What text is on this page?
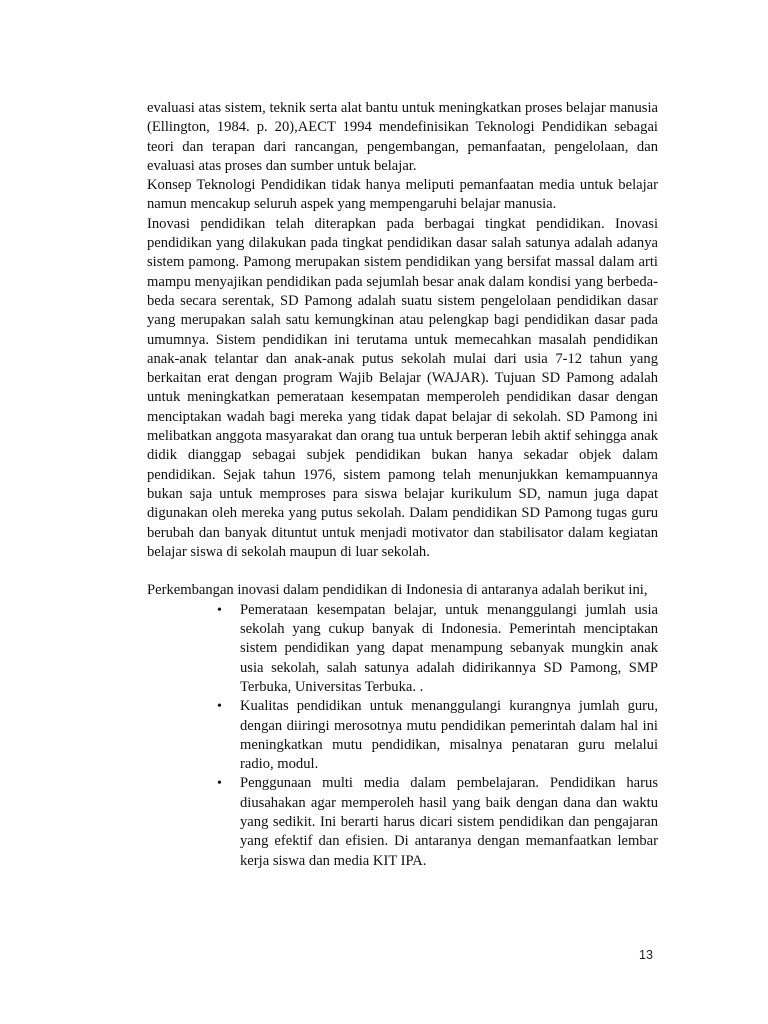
evaluasi atas sistem, teknik serta alat bantu untuk meningkatkan proses belajar manusia (Ellington, 1984. p. 20),AECT 1994 mendefinisikan Teknologi Pendidikan sebagai teori dan terapan dari rancangan, pengembangan, pemanfaatan, pengelolaan, dan evaluasi atas proses dan sumber untuk belajar.

Konsep Teknologi Pendidikan tidak hanya meliputi pemanfaatan media untuk belajar namun mencakup seluruh aspek yang mempengaruhi belajar manusia.

Inovasi pendidikan telah diterapkan pada berbagai tingkat pendidikan. Inovasi pendidikan yang dilakukan pada tingkat pendidikan dasar salah satunya adalah adanya sistem pamong. Pamong merupakan sistem pendidikan yang bersifat massal dalam arti mampu menyajikan pendidikan pada sejumlah besar anak dalam kondisi yang berbeda-beda secara serentak, SD Pamong adalah suatu sistem pengelolaan pendidikan dasar yang merupakan salah satu kemungkinan atau pelengkap bagi pendidikan dasar pada umumnya. Sistem pendidikan ini terutama untuk memecahkan masalah pendidikan anak-anak telantar dan anak-anak putus sekolah mulai dari usia 7-12 tahun yang berkaitan erat dengan program Wajib Belajar (WAJAR). Tujuan SD Pamong adalah untuk meningkatkan pemerataan kesempatan memperoleh pendidikan dasar dengan menciptakan wadah bagi mereka yang tidak dapat belajar di sekolah. SD Pamong ini melibatkan anggota masyarakat dan orang tua untuk berperan lebih aktif sehingga anak didik dianggap sebagai subjek pendidikan bukan hanya sekadar objek dalam pendidikan. Sejak tahun 1976, sistem pamong telah menunjukkan kemampuannya bukan saja untuk memproses para siswa belajar kurikulum SD, namun juga dapat digunakan oleh mereka yang putus sekolah. Dalam pendidikan SD Pamong tugas guru berubah dan banyak dituntut untuk menjadi motivator dan stabilisator dalam kegiatan belajar siswa di sekolah maupun di luar sekolah.

Perkembangan inovasi dalam pendidikan di Indonesia di antaranya adalah berikut ini,

• Pemerataan kesempatan belajar, untuk menanggulangi jumlah usia sekolah yang cukup banyak di Indonesia. Pemerintah menciptakan sistem pendidikan yang dapat menampung sebanyak mungkin anak usia sekolah, salah satunya adalah didirikannya SD Pamong, SMP Terbuka, Universitas Terbuka. .
• Kualitas pendidikan untuk menanggulangi kurangnya jumlah guru, dengan diiringi merosotnya mutu pendidikan pemerintah dalam hal ini meningkatkan mutu pendidikan, misalnya penataran guru melalui radio, modul.
• Penggunaan multi media dalam pembelajaran. Pendidikan harus diusahakan agar memperoleh hasil yang baik dengan dana dan waktu yang sedikit. Ini berarti harus dicari sistem pendidikan dan pengajaran yang efektif dan efisien. Di antaranya dengan memanfaatkan lembar kerja siswa dan media KIT IPA.
13
